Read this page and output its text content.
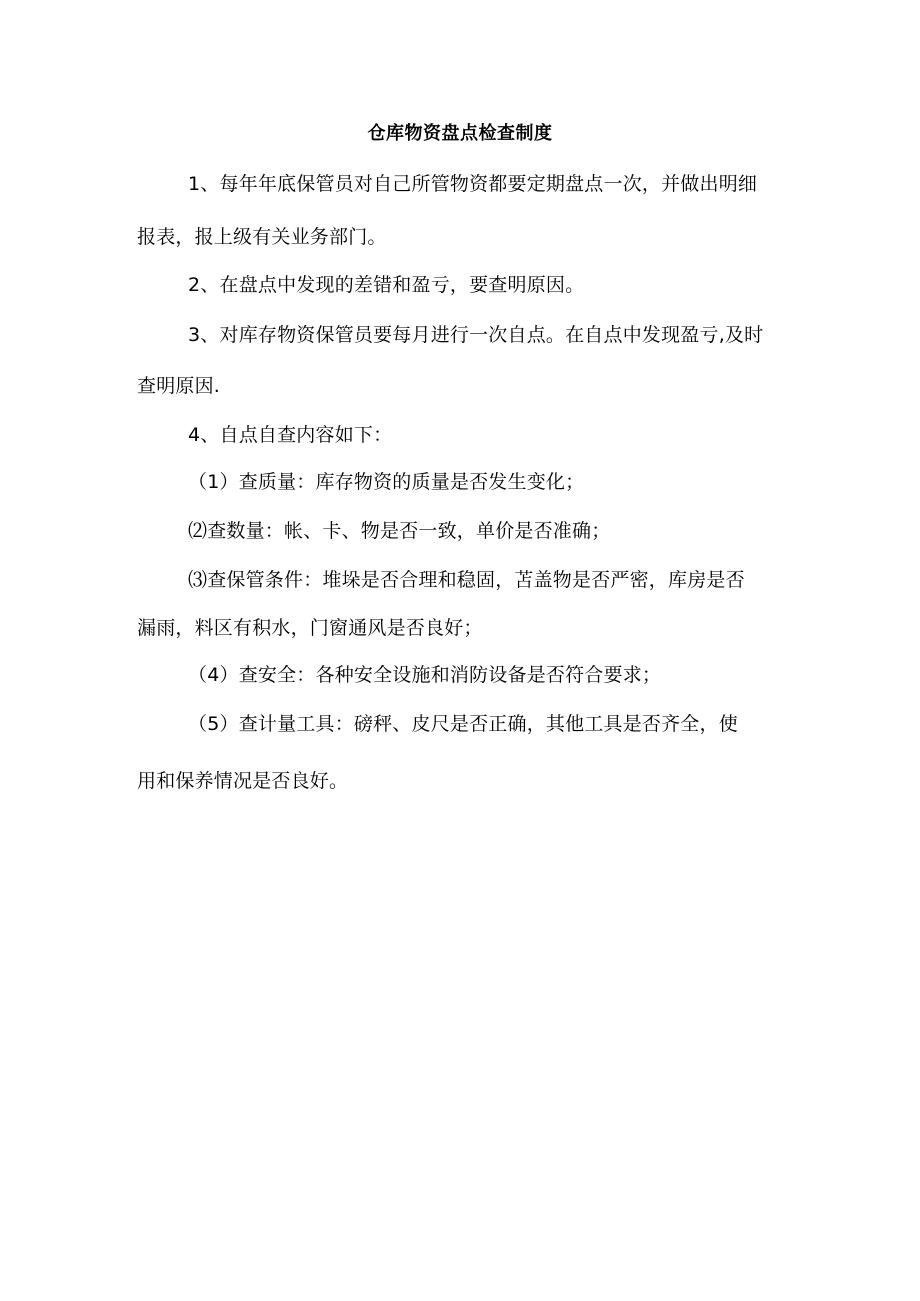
仓库物资盘点检查制度
1、每年年底保管员对自己所管物资都要定期盘点一次，并做出明细
报表，报上级有关业务部门。
2、在盘点中发现的差错和盈亏，要查明原因。
3、对库存物资保管员要每月进行一次自点。在自点中发现盈亏,及时
查明原因.
4、自点自查内容如下：
（1）查质量：库存物资的质量是否发生变化；
⑵查数量：帐、卡、物是否一致，单价是否准确；
⑶查保管条件：堆垛是否合理和稳固，苫盖物是否严密，库房是否
漏雨，料区有积水，门窗通风是否良好；
（4）查安全：各种安全设施和消防设备是否符合要求；
（5）查计量工具：磅秤、皮尺是否正确，其他工具是否齐全，使
用和保养情况是否良好。
